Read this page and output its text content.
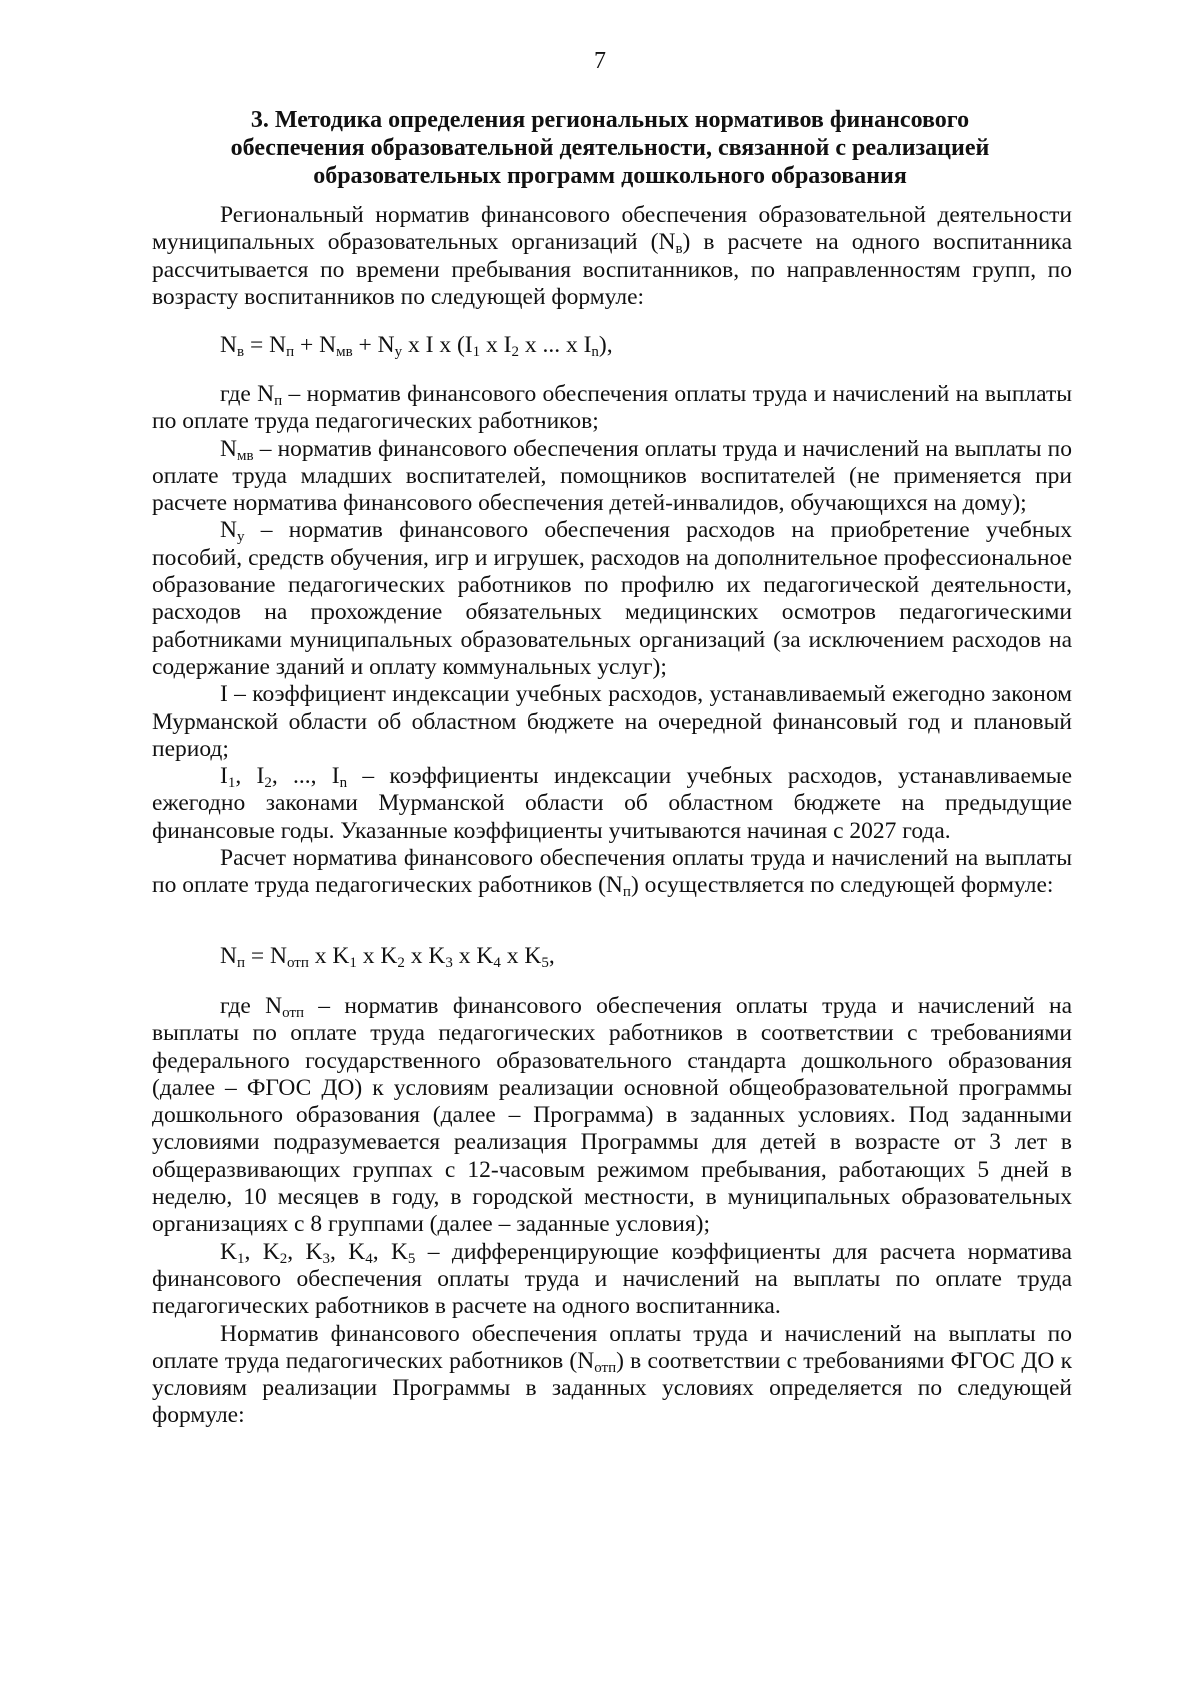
7
3. Методика определения региональных нормативов финансового
обеспечения образовательной деятельности, связанной с реализацией
образовательных программ дошкольного образования

Региональный норматив финансового обеспечения образовательной деятельности муниципальных образовательных организаций $(N_в)$ в расчете на одного воспитанника рассчитывается по времени пребывания воспитанников, по направленностям групп, по возрасту воспитанников по следующей формуле:

$N_в = N_п + N_{мв} + N_у$ x I x ($I_1$ x $I_2$ x ... x $I_n$),

где $N_п$ – норматив финансового обеспечения оплаты труда и начислений на выплаты по оплате труда педагогических работников;

$N_{мв}$ – норматив финансового обеспечения оплаты труда и начислений на выплаты по оплате труда младших воспитателей, помощников воспитателей (не применяется при расчете норматива финансового обеспечения детей-инвалидов, обучающихся на дому);

$N_у$ – норматив финансового обеспечения расходов на приобретение учебных пособий, средств обучения, игр и игрушек, расходов на дополнительное профессиональное образование педагогических работников по профилю их педагогической деятельности, расходов на прохождение обязательных медицинских осмотров педагогическими работниками муниципальных образовательных организаций (за исключением расходов на содержание зданий и оплату коммунальных услуг);

I – коэффициент индексации учебных расходов, устанавливаемый ежегодно законом Мурманской области об областном бюджете на очередной финансовый год и плановый период;

$I_1$, $I_2$, ..., $I_n$ – коэффициенты индексации учебных расходов, устанавливаемые ежегодно законами Мурманской области об областном бюджете на предыдущие финансовые годы. Указанные коэффициенты учитываются начиная с 2027 года.

Расчет норматива финансового обеспечения оплаты труда и начислений на выплаты по оплате труда педагогических работников $(N_п)$ осуществляется по следующей формуле:

$N_п = N_{отп}$ x $K_1$ x $K_2$ x $K_3$ x $K_4$ x $K_5$,

где $N_{отп}$ – норматив финансового обеспечения оплаты труда и начислений на выплаты по оплате труда педагогических работников в соответствии с требованиями федерального государственного образовательного стандарта дошкольного образования (далее – ФГОС ДО) к условиям реализации основной общеобразовательной программы дошкольного образования (далее – Программа) в заданных условиях. Под заданными условиями подразумевается реализация Программы для детей в возрасте от 3 лет в общеразвивающих группах с 12-часовым режимом пребывания, работающих 5 дней в неделю, 10 месяцев в году, в городской местности, в муниципальных образовательных организациях с 8 группами (далее – заданные условия);

$K_1$, $K_2$, $K_3$, $K_4$, $K_5$ – дифференцирующие коэффициенты для расчета норматива финансового обеспечения оплаты труда и начислений на выплаты по оплате труда педагогических работников в расчете на одного воспитанника.

Норматив финансового обеспечения оплаты труда и начислений на выплаты по оплате труда педагогических работников $(N_{отп})$ в соответствии с требованиями ФГОС ДО к условиям реализации Программы в заданных условиях определяется по следующей формуле:
